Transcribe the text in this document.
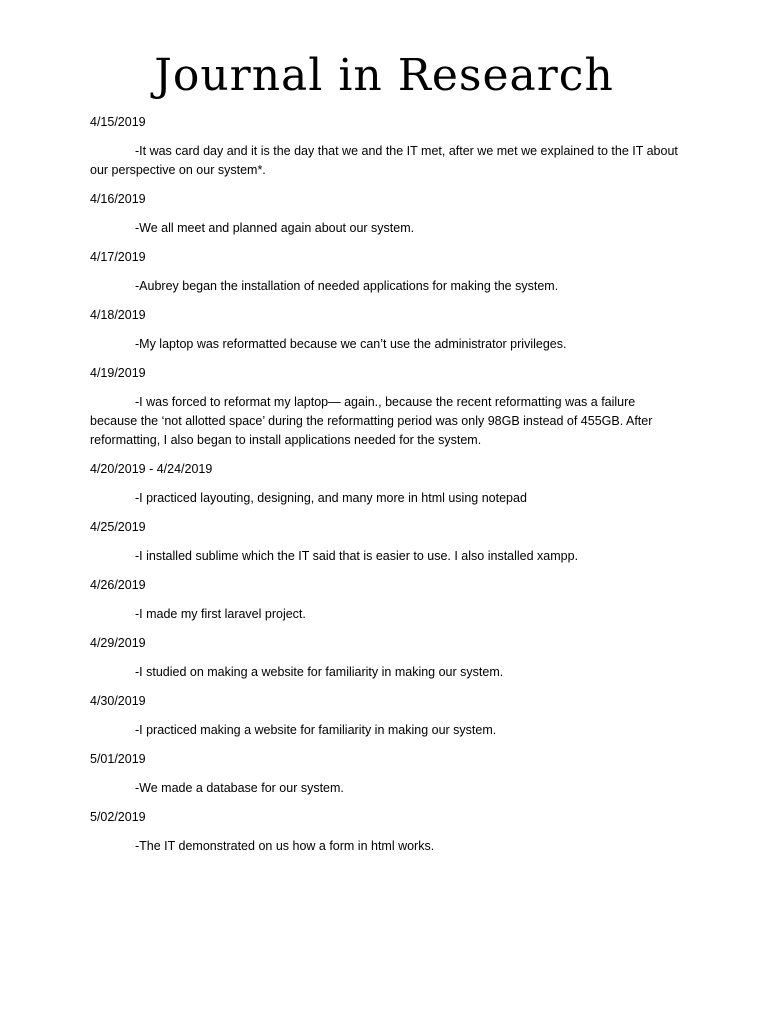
Journal in Research

4/15/2019

-It was card day and it is the day that we and the IT met, after we met we explained to the IT about our perspective on our system*.

4/16/2019

-We all meet and planned again about our system.

4/17/2019

-Aubrey began the installation of needed applications for making the system.

4/18/2019

-My laptop was reformatted because we can’t use the administrator privileges.

4/19/2019

-I was forced to reformat my laptop— again., because the recent reformatting was a failure because the ‘not allotted space’ during the reformatting period was only 98GB instead of 455GB. After reformatting, I also began to install applications needed for the system.

4/20/2019 - 4/24/2019

-I practiced layouting, designing, and many more in html using notepad

4/25/2019

-I installed sublime which the IT said that is easier to use. I also installed xampp.

4/26/2019

-I made my first laravel project.

4/29/2019

-I studied on making a website for familiarity in making our system.

4/30/2019

-I practiced making a website for familiarity in making our system.

5/01/2019

-We made a database for our system.

5/02/2019

-The IT demonstrated on us how a form in html works.
